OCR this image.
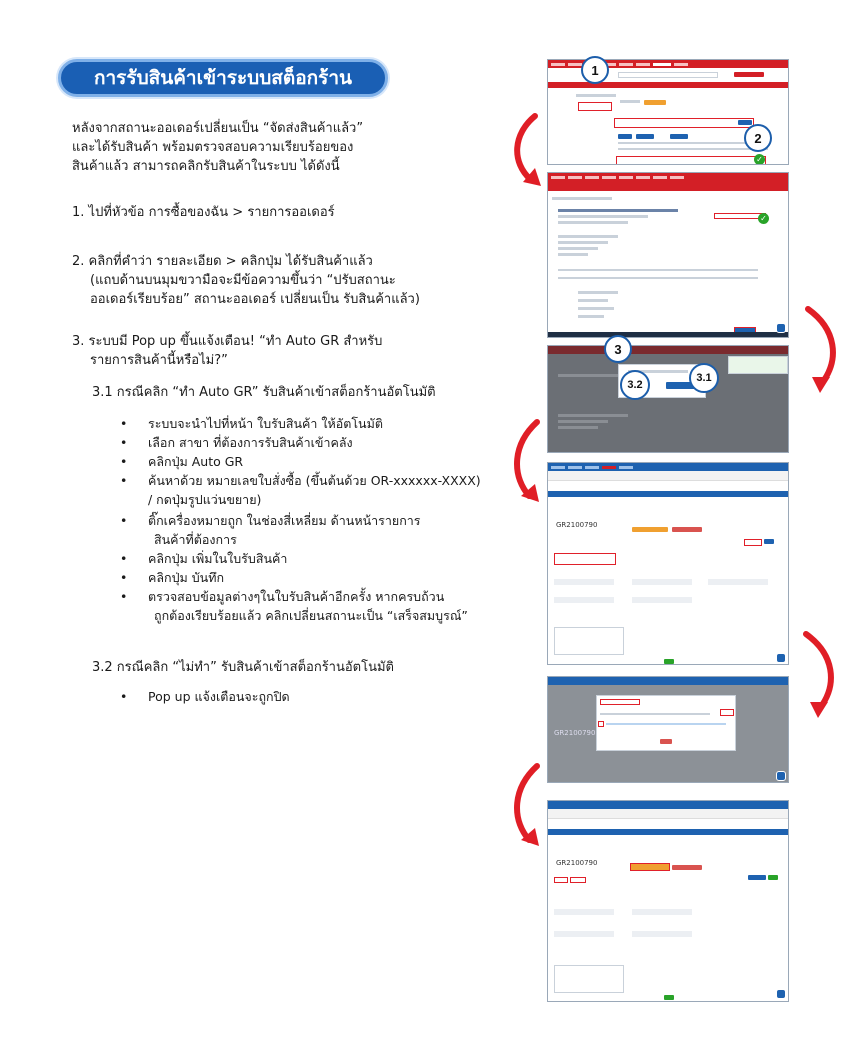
การรับสินค้าเข้าระบบสต็อกร้าน
หลังจากสถานะออเดอร์เปลี่ยนเป็น “จัดส่งสินค้าแล้ว”
และได้รับสินค้า พร้อมตรวจสอบความเรียบร้อยของ
สินค้าแล้ว สามารถคลิกรับสินค้าในระบบ ได้ดังนี้
1. ไปที่หัวข้อ การซื้อของฉัน > รายการออเดอร์
2. คลิกที่คำว่า รายละเอียด > คลิกปุ่ม ได้รับสินค้าแล้ว
(แถบด้านบนมุมขวามือจะมีข้อความขึ้นว่า “ปรับสถานะ
ออเดอร์เรียบร้อย” สถานะออเดอร์ เปลี่ยนเป็น รับสินค้าแล้ว)
3. ระบบมี Pop up ขึ้นแจ้งเตือน! “ทำ Auto GR สำหรับ
รายการสินค้านี้หรือไม่?”
3.1 กรณีคลิก “ทำ Auto GR” รับสินค้าเข้าสต็อกร้านอัตโนมัติ
• ระบบจะนำไปที่หน้า ใบรับสินค้า ให้อัตโนมัติ
• เลือก สาขา ที่ต้องการรับสินค้าเข้าคลัง
• คลิกปุ่ม Auto GR
• ค้นหาด้วย หมายเลขใบสั่งซื้อ (ขึ้นต้นด้วย OR-xxxxxx-XXXX)
/ กดปุ่มรูปแว่นขยาย)
• ติ๊กเครื่องหมายถูก ในช่องสี่เหลี่ยม ด้านหน้ารายการ
สินค้าที่ต้องการ
• คลิกปุ่ม เพิ่มในใบรับสินค้า
• คลิกปุ่ม บันทึก
• ตรวจสอบข้อมูลต่างๆในใบรับสินค้าอีกครั้ง หากครบถ้วน
ถูกต้องเรียบร้อยแล้ว คลิกเปลี่ยนสถานะเป็น “เสร็จสมบูรณ์”
3.2 กรณีคลิก “ไม่ทำ” รับสินค้าเข้าสต็อกร้านอัตโนมัติ
• Pop up แจ้งเตือนจะถูกปิด
✓
1
2
✓
3
3.1
3.2
GR2100790
GR2100790
GR2100790
